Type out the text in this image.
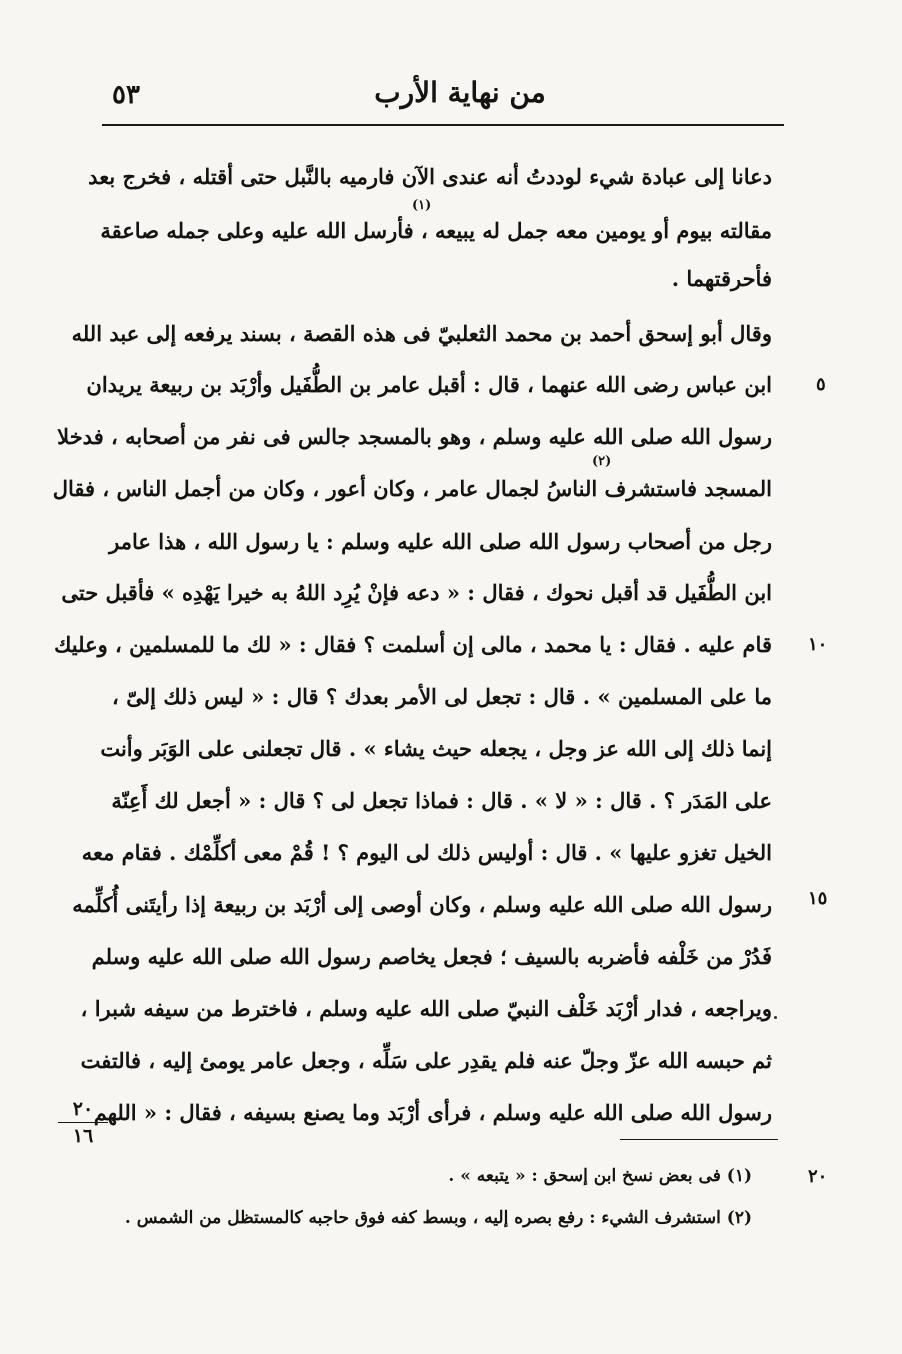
من نهاية الأرب
٥٣
دعانا إلى عبادة شيء لوددتُ أنه عندى الآن فارميه بالنَّبل حتى أقتله ، فخرج بعد
(١)
مقالته بيوم أو يومين معه جمل له يبيعه ، فأرسل الله عليه وعلى جمله صاعقة
فأحرقتهما .
وقال أبو إسحق أحمد بن محمد الثعلبيّ فى هذه القصة ، بسند يرفعه إلى عبد الله
ابن عباس رضى الله عنهما ، قال : أقبل عامر بن الطُّفَيل وأرْبَد بن ربيعة يريدان
رسول الله صلى الله عليه وسلم ، وهو بالمسجد جالس فى نفر من أصحابه ، فدخلا
(٢)
المسجد فاستشرف الناسُ لجمال عامر ، وكان أعور ، وكان من أجمل الناس ، فقال
رجل من أصحاب رسول الله صلى الله عليه وسلم : يا رسول الله ، هذا عامر
ابن الطُّفَيل قد أقبل نحوك ، فقال : « دعه فإنْ يُرِد اللهُ به خيرا يَهْدِه » فأقبل حتى
قام عليه . فقال : يا محمد ، مالى إن أسلمت ؟ فقال : « لك ما للمسلمين ، وعليك
ما على المسلمين » . قال : تجعل لى الأمر بعدك ؟ قال : « ليس ذلك إلىّ ،
إنما ذلك إلى الله عز وجل ، يجعله حيث يشاء » . قال تجعلنى على الوَبَر وأنت
على المَدَر ؟ . قال : « لا » . قال : فماذا تجعل لى ؟ قال : « أجعل لك أَعِنّة
الخيل تغزو عليها » . قال : أوليس ذلك لى اليوم ؟ ! قُمْ معى أكلِّمْك . فقام معه
رسول الله صلى الله عليه وسلم ، وكان أوصى إلى أرْبَد بن ربيعة إذا رأيتَنى أُكلِّمه
فَدُرْ من خَلْفه فأضربه بالسيف ؛ فجعل يخاصم رسول الله صلى الله عليه وسلم
ويراجعه ، فدار أرْبَد خَلْف النبيّ صلى الله عليه وسلم ، فاخترط من سيفه شبرا ،
ثم حبسه الله عزّ وجلّ عنه فلم يقدِر على سَلِّه ، وجعل عامر يومئ إليه ، فالتفت
رسول الله صلى الله عليه وسلم ، فرأى أرْبَد وما يصنع بسيفه ، فقال : « اللهم
٥
١٠
١٥
٢٠
٢٠
١٦
(١) فى بعض نسخ ابن إسحق : « يتبعه » .
(٢) استشرف الشيء : رفع بصره إليه ، وبسط كفه فوق حاجبه كالمستظل من الشمس .
